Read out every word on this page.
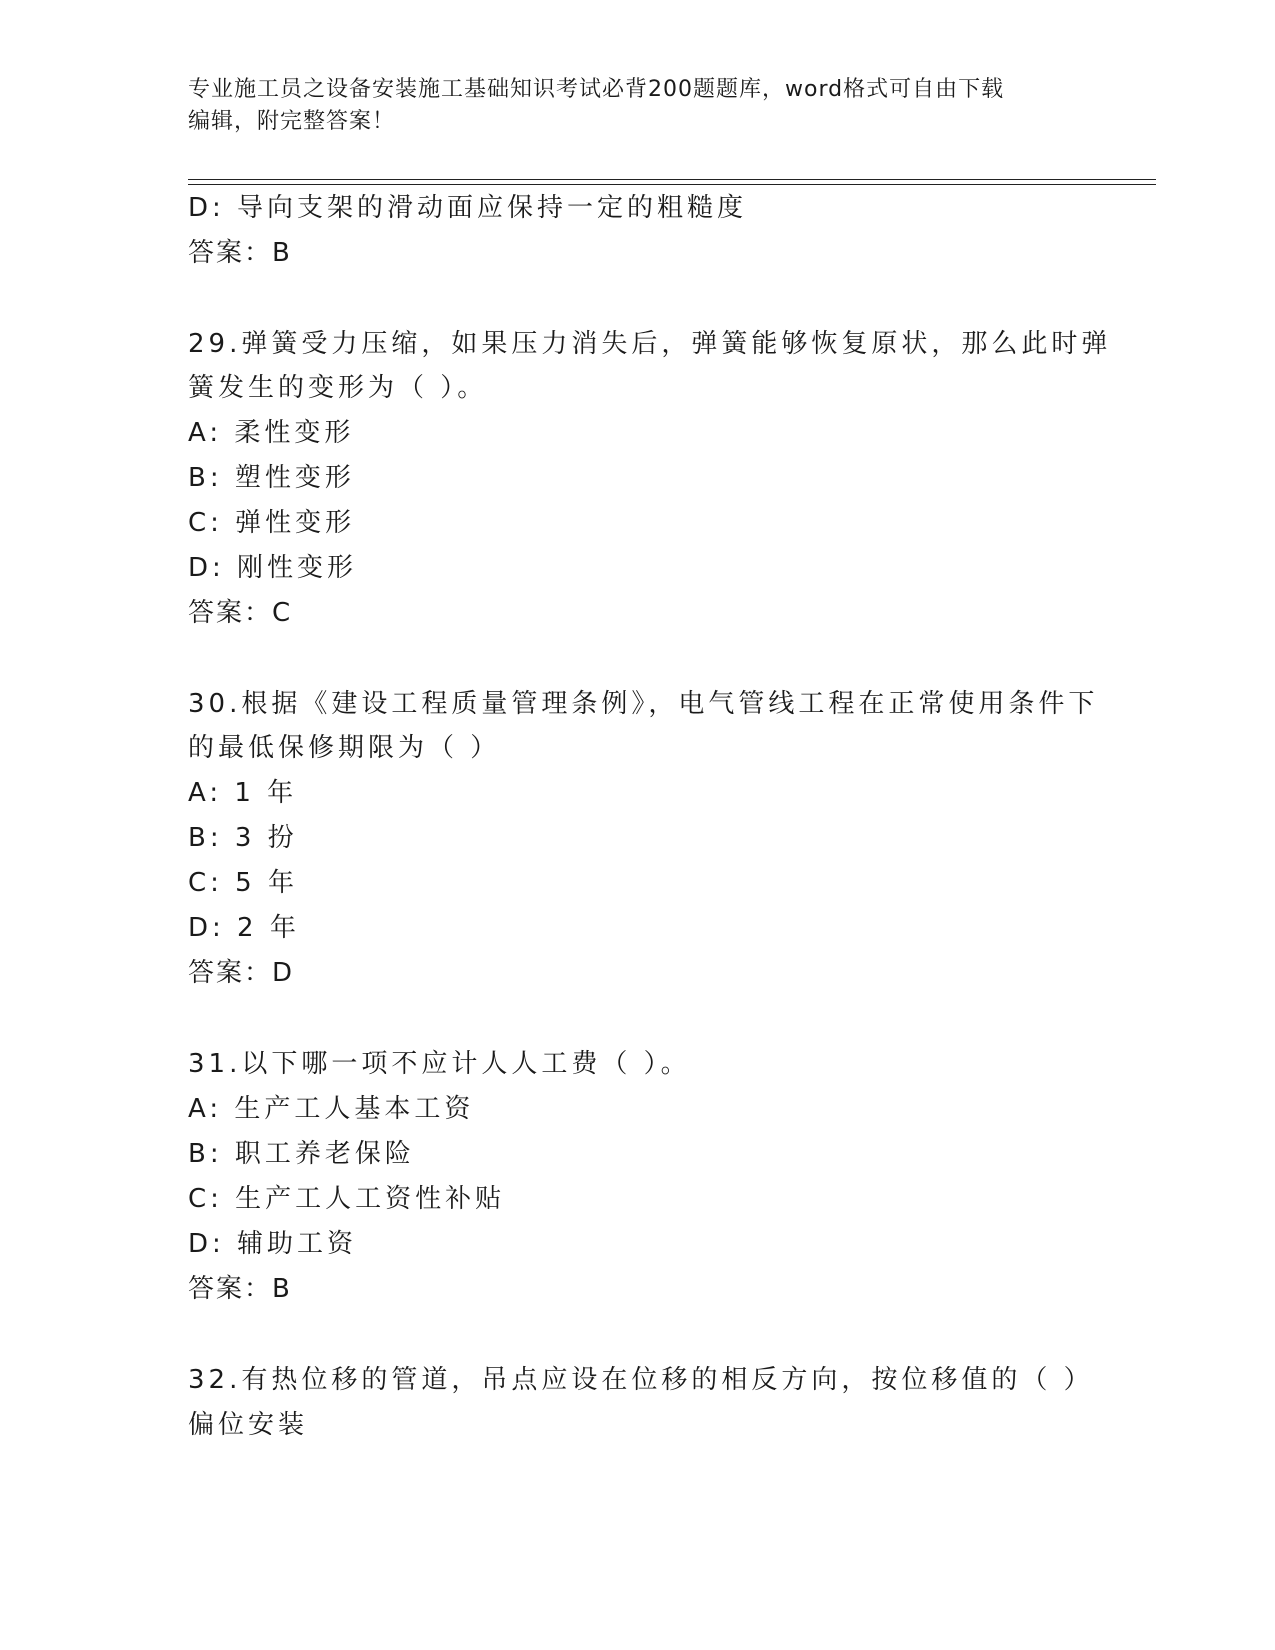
专业施工员之设备安装施工基础知识考试必背200题题库，word格式可自由下载
编辑，附完整答案！
D: 导向支架的滑动面应保持一定的粗糙度
答案：B
29.弹簧受力压缩，如果压力消失后，弹簧能够恢复原状，那么此时弹
簧发生的变形为（ ）。
A: 柔性变形
B: 塑性变形
C: 弹性变形
D: 刚性变形
答案：C
30.根据《建设工程质量管理条例》，电气管线工程在正常使用条件下
的最低保修期限为（ ）
A: 1 年
B: 3 扮
C: 5 年
D: 2 年
答案：D
31.以下哪一项不应计人人工费（ ）。
A: 生产工人基本工资
B: 职工养老保险
C: 生产工人工资性补贴
D: 辅助工资
答案：B
32.有热位移的管道，吊点应设在位移的相反方向，按位移值的（ ）
偏位安装
